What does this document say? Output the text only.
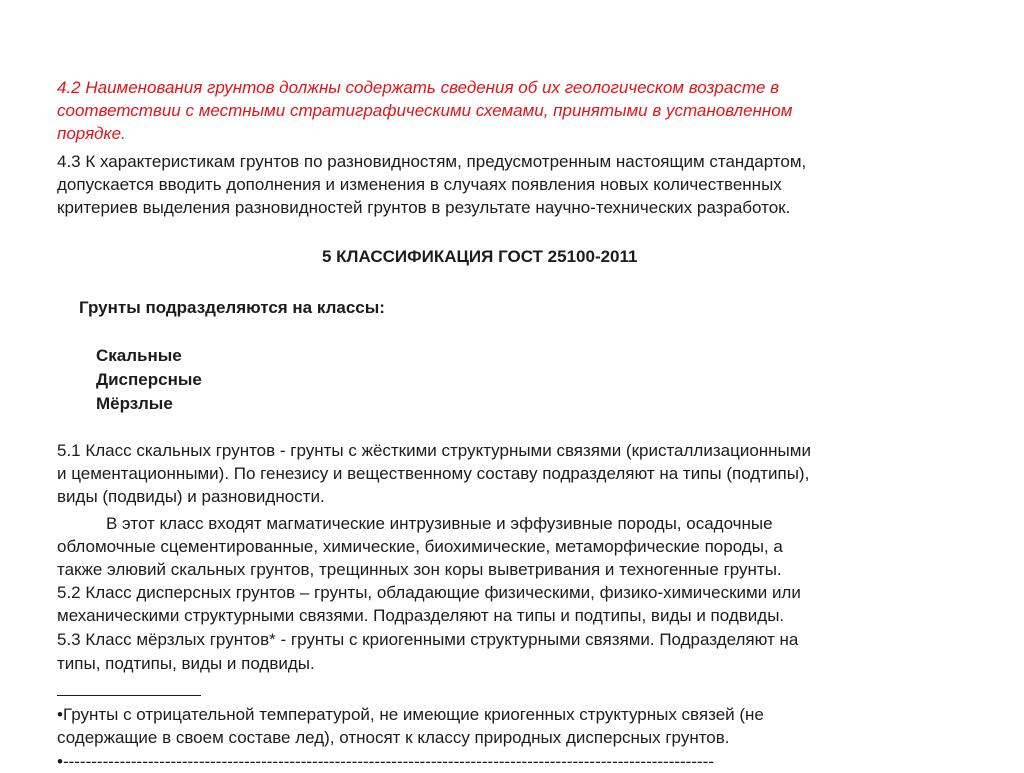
4.2 Наименования грунтов должны содержать сведения об их геологическом возрасте в
соответствии с местными стратиграфическими схемами, принятыми в установленном
порядке.
4.3 К характеристикам грунтов по разновидностям, предусмотренным настоящим стандартом,
допускается вводить дополнения и изменения в случаях появления новых количественных
критериев выделения разновидностей грунтов в результате научно-технических разработок.
5 КЛАССИФИКАЦИЯ ГОСТ 25100-2011
Грунты подразделяются на классы:
Скальные
Дисперсные
Мёрзлые
5.1 Класс скальных грунтов - грунты с жёсткими структурными связями (кристаллизационными
и цементационными). По генезису и вещественному составу подразделяют на типы (подтипы),
виды (подвиды) и разновидности.
В этот класс входят магматические интрузивные и эффузивные породы, осадочные
обломочные сцементированные, химические, биохимические, метаморфические породы, а
также элювий скальных грунтов, трещинных зон коры выветривания и техногенные грунты.
5.2 Класс дисперсных грунтов – грунты, обладающие физическими, физико-химическими или
механическими структурными связями. Подразделяют на типы и подтипы, виды и подвиды.
5.3 Класс мёрзлых грунтов* - грунты с криогенными структурными связями. Подразделяют на
типы, подтипы, виды и подвиды.
•Грунты с отрицательной температурой, не имеющие криогенных структурных связей (не
содержащие в своем составе лед), относят к классу природных дисперсных грунтов.
•-------------------------------------------------------------------------------------------------------------------
